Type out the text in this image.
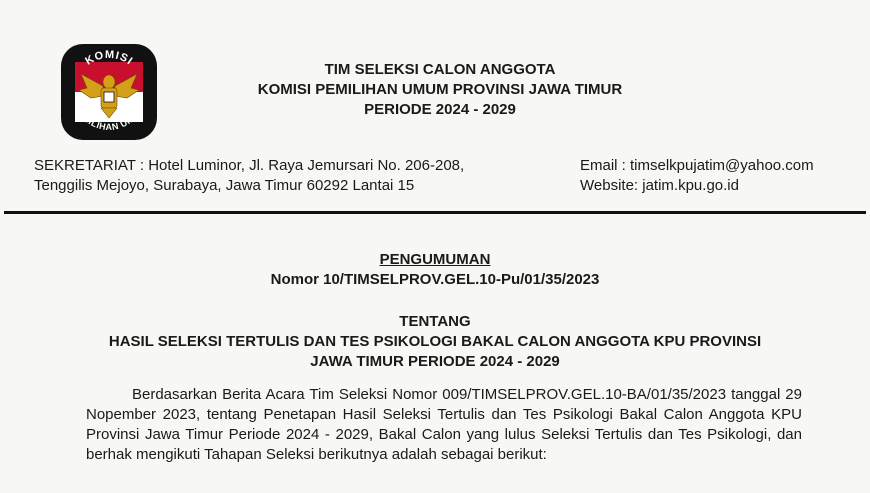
KOMISI
PEMILIHAN UMUM
TIM SELEKSI CALON ANGGOTA
KOMISI PEMILIHAN UMUM PROVINSI JAWA TIMUR
PERIODE 2024 - 2029
SEKRETARIAT : Hotel Luminor, Jl. Raya Jemursari No. 206-208,
Tenggilis Mejoyo, Surabaya, Jawa Timur 60292 Lantai 15
Email : timselkpujatim@yahoo.com
Website: jatim.kpu.go.id
PENGUMUMAN
Nomor 10/TIMSELPROV.GEL.10-Pu/01/35/2023
TENTANG
HASIL SELEKSI TERTULIS DAN TES PSIKOLOGI BAKAL CALON ANGGOTA KPU PROVINSI
JAWA TIMUR PERIODE 2024 - 2029
Berdasarkan Berita Acara Tim Seleksi Nomor 009/TIMSELPROV.GEL.10-BA/01/35/2023 tanggal 29 Nopember 2023, tentang Penetapan Hasil Seleksi Tertulis dan Tes Psikologi Bakal Calon Anggota KPU Provinsi Jawa Timur Periode 2024 - 2029, Bakal Calon yang lulus Seleksi Tertulis dan Tes Psikologi, dan berhak mengikuti Tahapan Seleksi berikutnya adalah sebagai berikut:
